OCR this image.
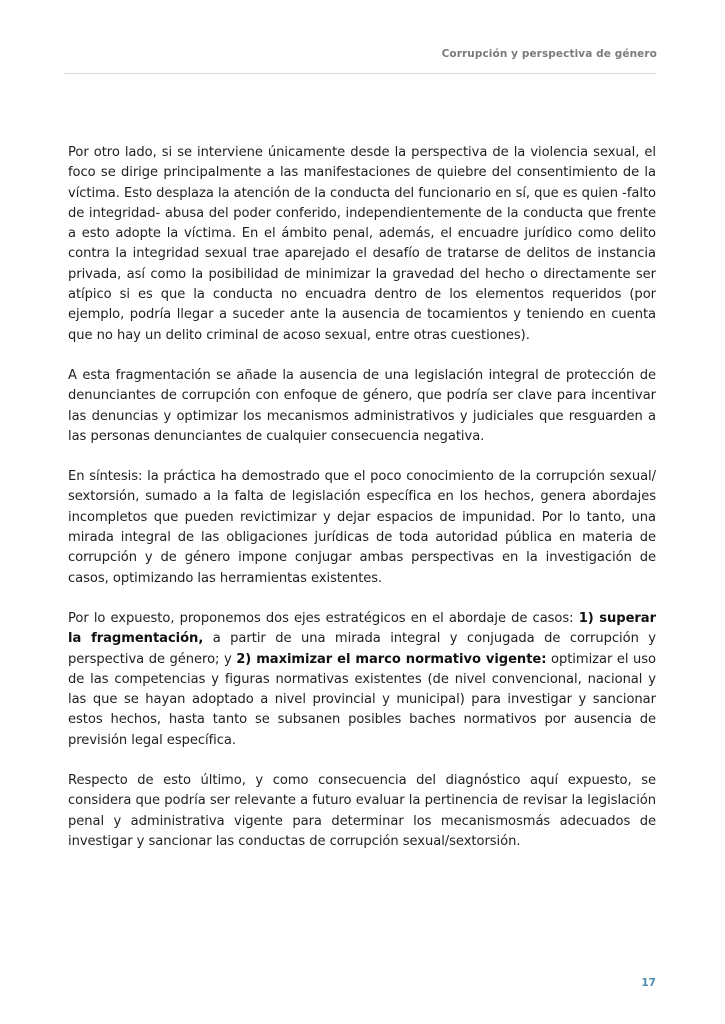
Corrupción y perspectiva de género

Por otro lado, si se interviene únicamente desde la perspectiva de la violencia sexual, el foco se dirige principalmente a las manifestaciones de quiebre del consentimiento de la víctima. Esto desplaza la atención de la conducta del funcionario en sí, que es quien -falto de integridad- abusa del poder conferido, independientemente de la conducta que frente a esto adopte la víctima. En el ámbito penal, además, el encuadre jurídico como delito contra la integridad sexual trae aparejado el desafío de tratarse de delitos de instancia privada, así como la posibilidad de minimizar la gravedad del hecho o directamente ser atípico si es que la conducta no encuadra dentro de los elementos requeridos (por ejemplo, podría llegar a suceder ante la ausencia de tocamientos y teniendo en cuenta que no hay un delito criminal de acoso sexual, entre otras cuestiones).

A esta fragmentación se añade la ausencia de una legislación integral de protección de denunciantes de corrupción con enfoque de género, que podría ser clave para incentivar las denuncias y optimizar los mecanismos administrativos y judiciales que resguarden a las personas denunciantes de cualquier consecuencia negativa.

En síntesis: la práctica ha demostrado que el poco conocimiento de la corrupción sexual/ sextorsión, sumado a la falta de legislación específica en los hechos, genera abordajes incompletos que pueden revictimizar y dejar espacios de impunidad. Por lo tanto, una mirada integral de las obligaciones jurídicas de toda autoridad pública en materia de corrupción y de género impone conjugar ambas perspectivas en la investigación de casos, optimizando las herramientas existentes.

Por lo expuesto, proponemos dos ejes estratégicos en el abordaje de casos: 1) superar la fragmentación, a partir de una mirada integral y conjugada de corrupción y perspectiva de género; y 2) maximizar el marco normativo vigente: optimizar el uso de las competencias y figuras normativas existentes (de nivel convencional, nacional y las que se hayan adoptado a nivel provincial y municipal) para investigar y sancionar estos hechos, hasta tanto se subsanen posibles baches normativos por ausencia de previsión legal específica.

Respecto de esto último, y como consecuencia del diagnóstico aquí expuesto, se considera que podría ser relevante a futuro evaluar la pertinencia de revisar la legislación penal y administrativa vigente para determinar los mecanismosmás adecuados de investigar y sancionar las conductas de corrupción sexual/sextorsión.

17
